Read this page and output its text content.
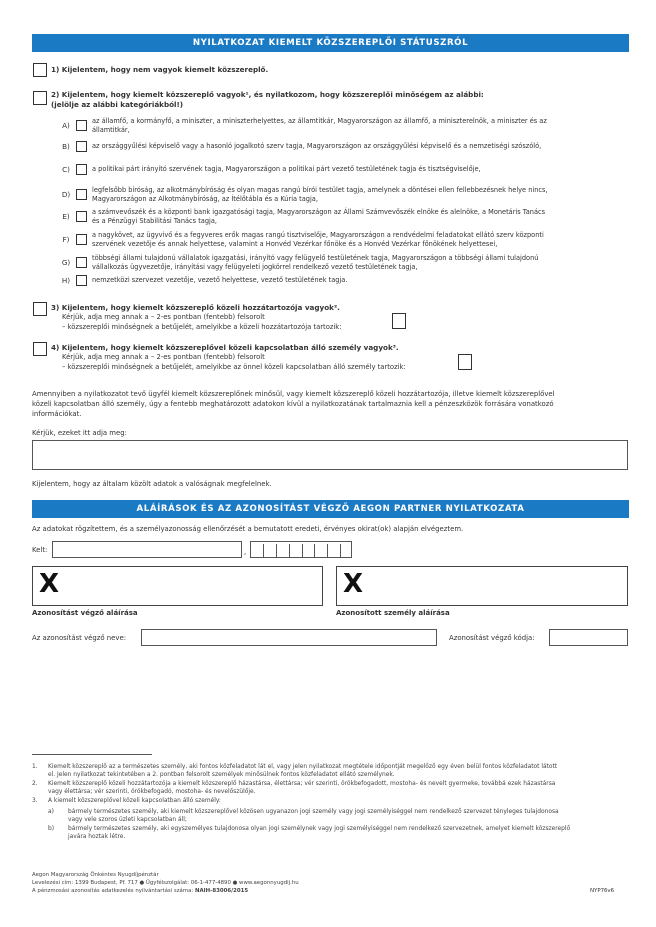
NYILATKOZAT KIEMELT KÖZSZEREPLŐI STÁTUSZRÓL
1) Kijelentem, hogy nem vagyok kiemelt közszereplő.
2) Kijelentem, hogy kiemelt közszereplő vagyok¹, és nyilatkozom, hogy közszereplői minőségem az alábbi:
(jelölje az alábbi kategóriákból!)
A)	az államfő, a kormányfő, a miniszter, a miniszterhelyettes, az államtitkár, Magyarországon az államfő, a miniszterelnök, a miniszter és az
államtitkár,
B)	az országgyűlési képviselő vagy a hasonló jogalkotó szerv tagja, Magyarországon az országgyűlési képviselő és a nemzetiségi szószóló,
C)	a politikai párt irányító szervének tagja, Magyarországon a politikai párt vezető testületének tagja és tisztségviselője,
D)	legfelsőbb bíróság, az alkotmánybíróság és olyan magas rangú bírói testület tagja, amelynek a döntései ellen fellebbezésnek helye nincs,
Magyarországon az Alkotmánybíróság, az Ítélőtábla és a Kúria tagja,
E)	a számvevőszék és a központi bank igazgatósági tagja, Magyarországon az Állami Számvevőszék elnöke és alelnöke, a Monetáris Tanács
és a Pénzügyi Stabilitási Tanács tagja,
F)	a nagykövet, az ügyvivő és a fegyveres erők magas rangú tisztviselője, Magyarországon a rendvédelmi feladatokat ellátó szerv központi
szervének vezetője és annak helyettese, valamint a Honvéd Vezérkar főnöke és a Honvéd Vezérkar főnökének helyettesei,
G)	többségi állami tulajdonú vállalatok igazgatási, irányító vagy felügyelő testületének tagja, Magyarországon a többségi állami tulajdonú
vállalkozás ügyvezetője, irányítási vagy felügyeleti jogkörrel rendelkező vezető testületének tagja,
H)	nemzetközi szervezet vezetője, vezető helyettese, vezető testületének tagja.
3) Kijelentem, hogy kiemelt közszereplő közeli hozzátartozója vagyok².
Kérjük, adja meg annak a – 2-es pontban (fentebb) felsorolt
– közszereplői minőségnek a betűjelét, amelyikbe a közeli hozzátartozója tartozik:
4) Kijelentem, hogy kiemelt közszereplővel közeli kapcsolatban álló személy vagyok³.
Kérjük, adja meg annak a – 2-es pontban (fentebb) felsorolt
– közszereplői minőségnek a betűjelét, amelyikbe az önnel közeli kapcsolatban álló személy tartozik:
Amennyiben a nyilatkozatot tevő ügyfél kiemelt közszereplőnek minősül, vagy kiemelt közszereplő közeli hozzátartozója, illetve kiemelt közszereplővel
közeli kapcsolatban álló személy, úgy a fentebb meghatározott adatokon kívül a nyilatkozatának tartalmaznia kell a pénzeszközök forrására vonatkozó
információkat.
Kérjük, ezeket itt adja meg:
Kijelentem, hogy az általam közölt adatok a valóságnak megfelelnek.
ALÁÍRÁSOK ÉS AZ AZONOSÍTÁST VÉGZŐ AEGON PARTNER NYILATKOZATA
Az adatokat rögzítettem, és a személyazonosság ellenőrzését a bemutatott eredeti, érvényes okirat(ok) alapján elvégeztem.
Kelt:	,
X	X
Azonosítást végző aláírása	Azonosított személy aláírása
Az azonosítást végző neve:	Azonosítást végző kódja:
1. Kiemelt közszereplő az a természetes személy, aki fontos közfeladatot lát el, vagy jelen nyilatkozat megtétele időpontját megelőző egy éven belül fontos közfeladatot látott
el. Jelen nyilatkozat tekintetében a 2. pontban felsorolt személyek minősülnek fontos közfeladatot ellátó személynek.
2. Kiemelt közszereplő közeli hozzátartozója a kiemelt közszereplő házastársa, élettársa; vér szerinti, örökbefogadott, mostoha- és nevelt gyermeke, továbbá ezek házastársa
vagy élettársa; vér szerinti, örökbefogadó, mostoha- és nevelőszülője.
3. A kiemelt közszereplővel közeli kapcsolatban álló személy:
a) bármely természetes személy, aki kiemelt közszereplővel közösen ugyanazon jogi személy vagy jogi személyiséggel nem rendelkező szervezet tényleges tulajdonosa
vagy vele szoros üzleti kapcsolatban áll;
b) bármely természetes személy, aki egyszemélyes tulajdonosa olyan jogi személynek vagy jogi személyiséggel nem rendelkező szervezetnek, amelyet kiemelt közszereplő
javára hoztak létre.
Aegon Magyarország Önkéntes Nyugdíjpénztár
Levelezési cím: 1399 Budapest, Pf. 717 ● Ügyfélszolgálat: 06-1-477-4890 ● www.aegonnyugdij.hu
A pénzmosási azonosítás adatkezelés nyilvántartási száma: NAIH-83006/2015	NYP76v6
